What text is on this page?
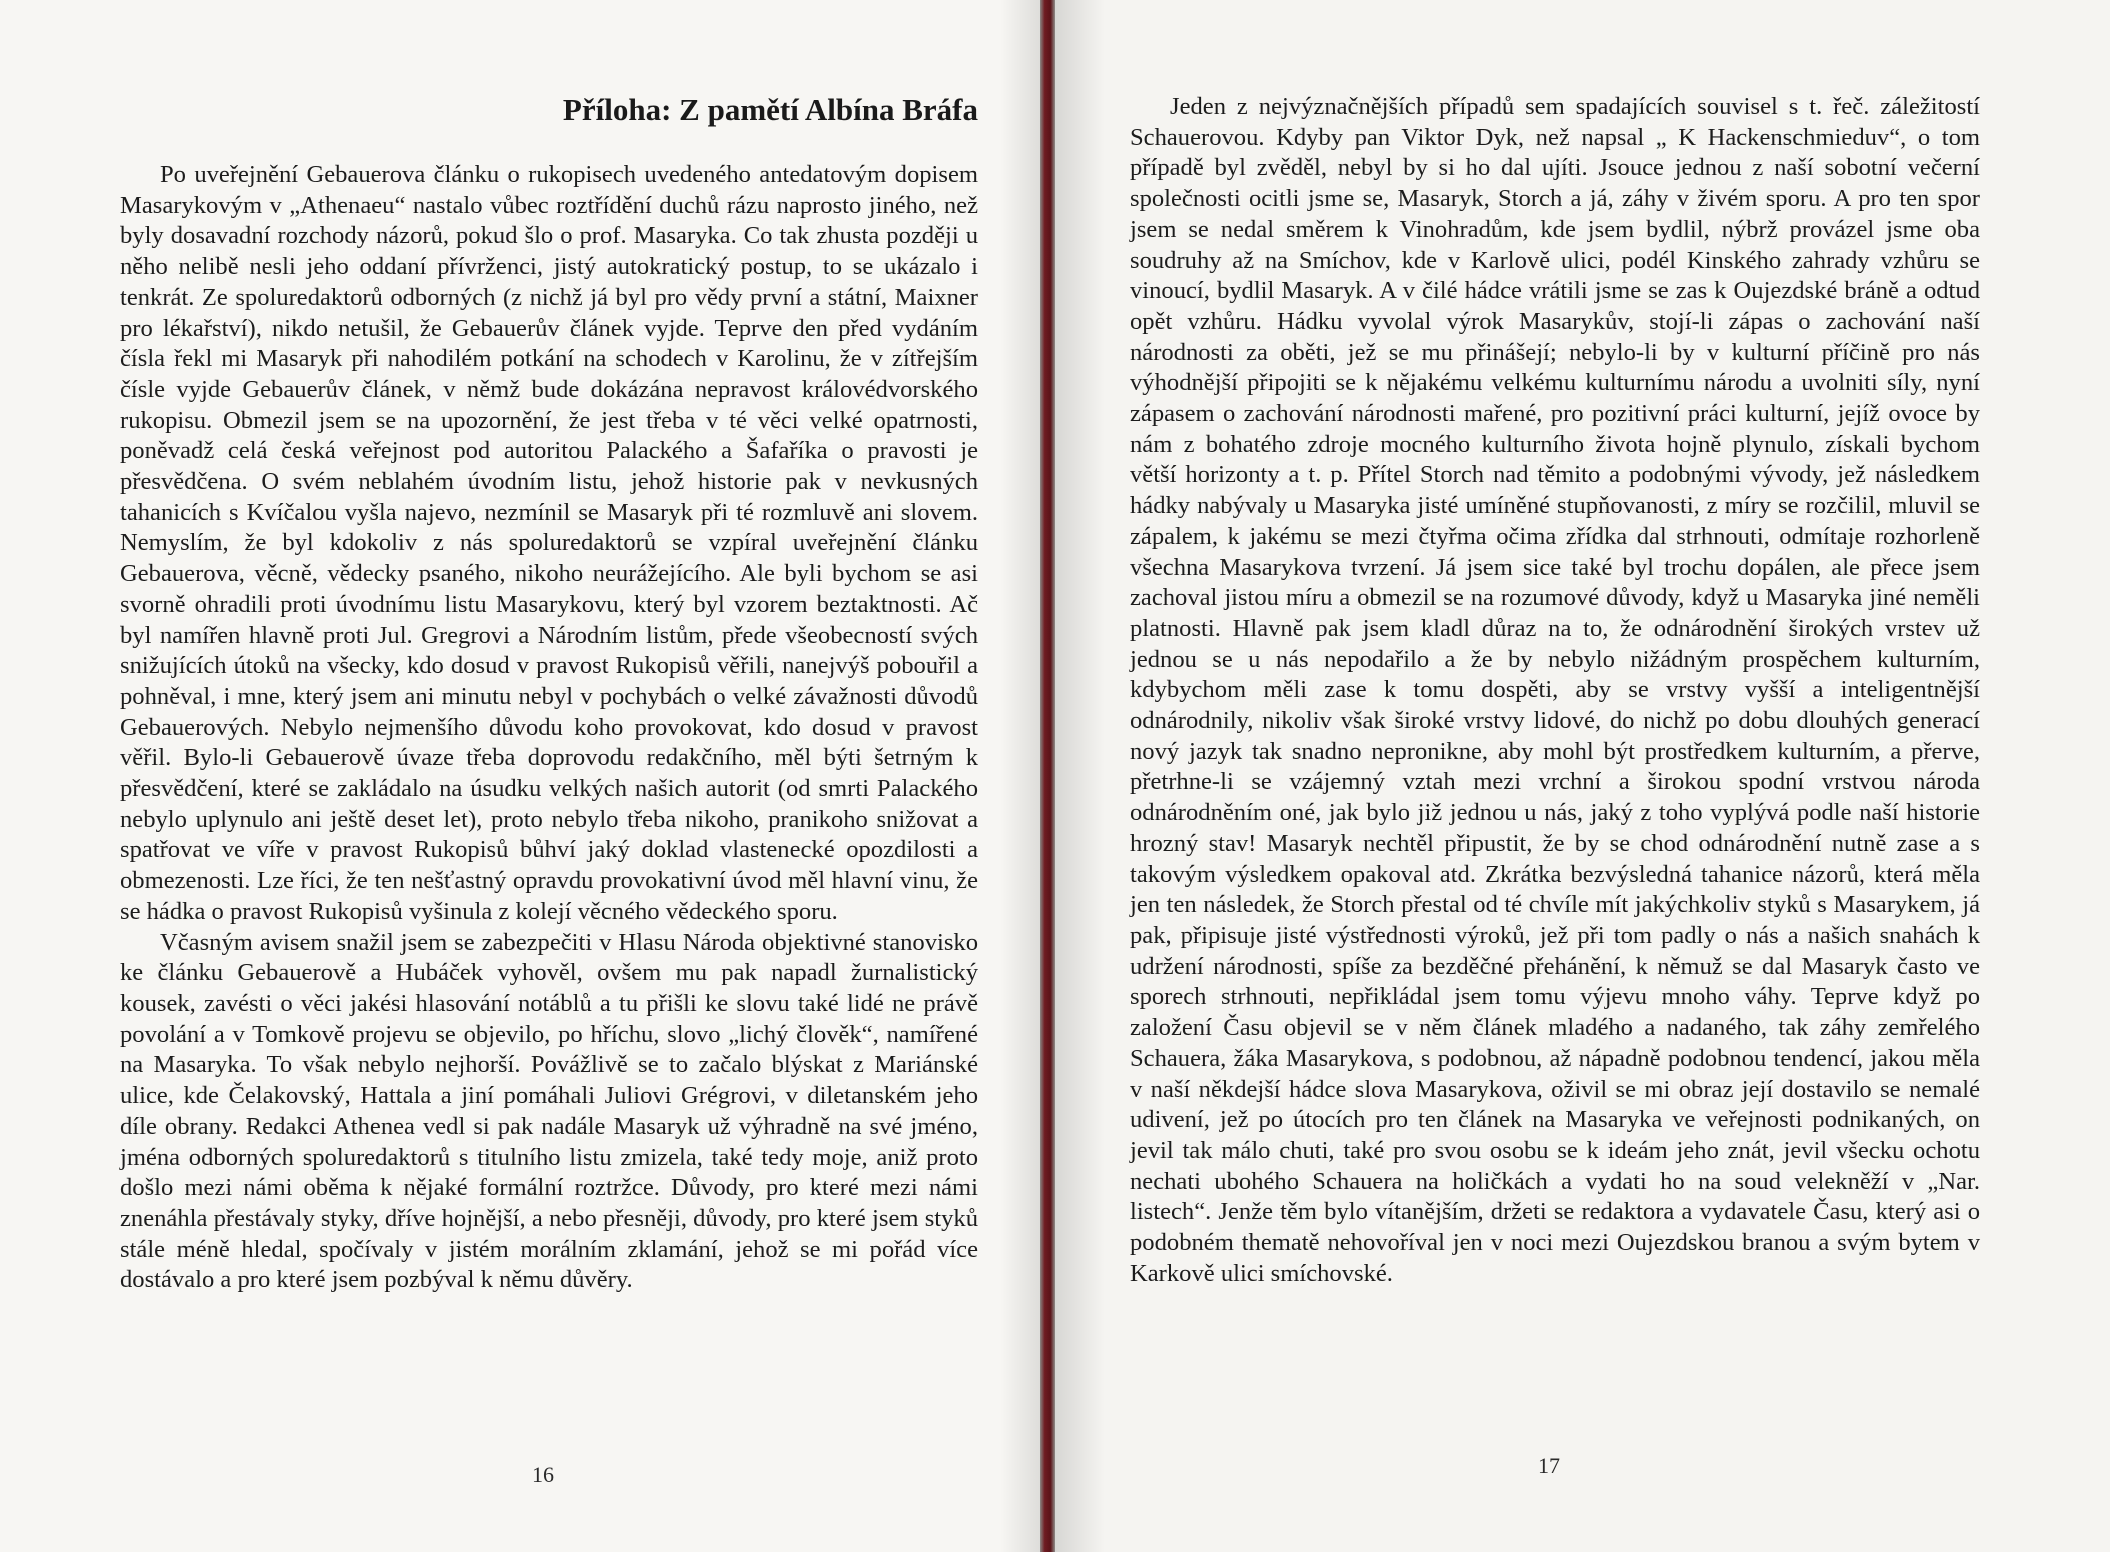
Příloha: Z pamětí Albína Bráfa

Po uveřejnění Gebauerova článku o rukopisech uvedeného antedatovým dopisem Masarykovým v „Athenaeu“ nastalo vůbec roztřídění duchů rázu naprosto jiného, než byly dosavadní rozchody názorů, pokud šlo o prof. Masaryka. Co tak zhusta později u něho nelibě nesli jeho oddaní přívrženci, jistý autokratický postup, to se ukázalo i tenkrát. Ze spoluredaktorů odborných (z nichž já byl pro vědy první a státní, Maixner pro lékařství), nikdo netušil, že Gebauerův článek vyjde. Teprve den před vydáním čísla řekl mi Masaryk při nahodilém potkání na schodech v Karolinu, že v zítřejším čísle vyjde Gebauerův článek, v němž bude dokázána nepravost královédvorského rukopisu. Obmezil jsem se na upozornění, že jest třeba v té věci velké opatrnosti, poněvadž celá česká veřejnost pod autoritou Palackého a Šafaříka o pravosti je přesvědčena. O svém neblahém úvodním listu, jehož historie pak v nevkusných tahanicích s Kvíčalou vyšla najevo, nezmínil se Masaryk při té rozmluvě ani slovem. Nemyslím, že byl kdokoliv z nás spoluredaktorů se vzpíral uveřejnění článku Gebauerova, věcně, vědecky psaného, nikoho neurážejícího. Ale byli bychom se asi svorně ohradili proti úvodnímu listu Masarykovu, který byl vzorem beztaktnosti. Ač byl namířen hlavně proti Jul. Gregrovi a Národním listům, přede všeobecností svých snižujících útoků na všecky, kdo dosud v pravost Rukopisů věřili, nanejvýš pobouřil a pohněval, i mne, který jsem ani minutu nebyl v pochybách o velké závažnosti důvodů Gebauerových. Nebylo nejmenšího důvodu koho provokovat, kdo dosud v pravost věřil. Bylo-li Gebauerově úvaze třeba doprovodu redakčního, měl býti šetrným k přesvědčení, které se zakládalo na úsudku velkých našich autorit (od smrti Palackého nebylo uplynulo ani ještě deset let), proto nebylo třeba nikoho, pranikoho snižovat a spatřovat ve víře v pravost Rukopisů bůhví jaký doklad vlastenecké opozdilosti a obmezenosti. Lze říci, že ten nešťastný opravdu provokativní úvod měl hlavní vinu, že se hádka o pravost Rukopisů vyšinula z kolejí věcného vědeckého sporu.

Včasným avisem snažil jsem se zabezpečiti v Hlasu Národa objektivné stanovisko ke článku Gebauerově a Hubáček vyhověl, ovšem mu pak napadl žurnalistický kousek, zavésti o věci jakési hlasování notáblů a tu přišli ke slovu také lidé ne právě povolání a v Tomkově projevu se objevilo, po hříchu, slovo „lichý člověk“, namířené na Masaryka. To však nebylo nejhorší. Povážlivě se to začalo blýskat z Mariánské ulice, kde Čelakovský, Hattala a jiní pomáhali Juliovi Grégrovi, v diletanském jeho díle obrany. Redakci Athenea vedl si pak nadále Masaryk už výhradně na své jméno, jména odborných spoluredaktorů s titulního listu zmizela, také tedy moje, aniž proto došlo mezi námi oběma k nějaké formální roztržce. Důvody, pro které mezi námi znenáhla přestávaly styky, dříve hojnější, a nebo přesněji, důvody, pro které jsem styků stále méně hledal, spočívaly v jistém morálním zklamání, jehož se mi pořád více dostávalo a pro které jsem pozbýval k němu důvěry.

16

Jeden z nejvýznačnějších případů sem spadajících souvisel s t. řeč. záležitostí Schauerovou. Kdyby pan Viktor Dyk, než napsal „ K Hackenschmieduv“, o tom případě byl zvěděl, nebyl by si ho dal ujíti. Jsouce jednou z naší sobotní večerní společnosti ocitli jsme se, Masaryk, Storch a já, záhy v živém sporu. A pro ten spor jsem se nedal směrem k Vinohradům, kde jsem bydlil, nýbrž provázel jsme oba soudruhy až na Smíchov, kde v Karlově ulici, podél Kinského zahrady vzhůru se vinoucí, bydlil Masaryk. A v čilé hádce vrátili jsme se zas k Oujezdské bráně a odtud opět vzhůru. Hádku vyvolal výrok Masarykův, stojí-li zápas o zachování naší národnosti za oběti, jež se mu přinášejí; nebylo-li by v kulturní příčině pro nás výhodnější připojiti se k nějakému velkému kulturnímu národu a uvolniti síly, nyní zápasem o zachování národnosti mařené, pro pozitivní práci kulturní, jejíž ovoce by nám z bohatého zdroje mocného kulturního života hojně plynulo, získali bychom větší horizonty a t. p. Přítel Storch nad těmito a podobnými vývody, jež následkem hádky nabývaly u Masaryka jisté umíněné stupňovanosti, z míry se rozčilil, mluvil se zápalem, k jakému se mezi čtyřma očima zřídka dal strhnouti, odmítaje rozhorleně všechna Masarykova tvrzení. Já jsem sice také byl trochu dopálen, ale přece jsem zachoval jistou míru a obmezil se na rozumové důvody, když u Masaryka jiné neměli platnosti. Hlavně pak jsem kladl důraz na to, že odnárodnění širokých vrstev už jednou se u nás nepodařilo a že by nebylo nižádným prospěchem kulturním, kdybychom měli zase k tomu dospěti, aby se vrstvy vyšší a inteligentnější odnárodnily, nikoliv však široké vrstvy lidové, do nichž po dobu dlouhých generací nový jazyk tak snadno nepronikne, aby mohl být prostředkem kulturním, a přerve, přetrhne-li se vzájemný vztah mezi vrchní a širokou spodní vrstvou národa odnárodněním oné, jak bylo již jednou u nás, jaký z toho vyplývá podle naší historie hrozný stav! Masaryk nechtěl připustit, že by se chod odnárodnění nutně zase a s takovým výsledkem opakoval atd. Zkrátka bezvýsledná tahanice názorů, která měla jen ten následek, že Storch přestal od té chvíle mít jakýchkoliv styků s Masarykem, já pak, připisuje jisté výstřednosti výroků, jež při tom padly o nás a našich snahách k udržení národnosti, spíše za bezděčné přehánění, k němuž se dal Masaryk často ve sporech strhnouti, nepřikládal jsem tomu výjevu mnoho váhy. Teprve když po založení Času objevil se v něm článek mladého a nadaného, tak záhy zemřelého Schauera, žáka Masarykova, s podobnou, až nápadně podobnou tendencí, jakou měla v naší někdejší hádce slova Masarykova, oživil se mi obraz její dostavilo se nemalé udivení, jež po útocích pro ten článek na Masaryka ve veřejnosti podnikaných, on jevil tak málo chuti, také pro svou osobu se k ideám jeho znát, jevil všecku ochotu nechati ubohého Schauera na holičkách a vydati ho na soud velekněží v „Nar. listech“. Jenže těm bylo vítanějším, držeti se redaktora a vydavatele Času, který asi o podobném thematě nehovoříval jen v noci mezi Oujezdskou branou a svým bytem v Karkově ulici smíchovské.

17
